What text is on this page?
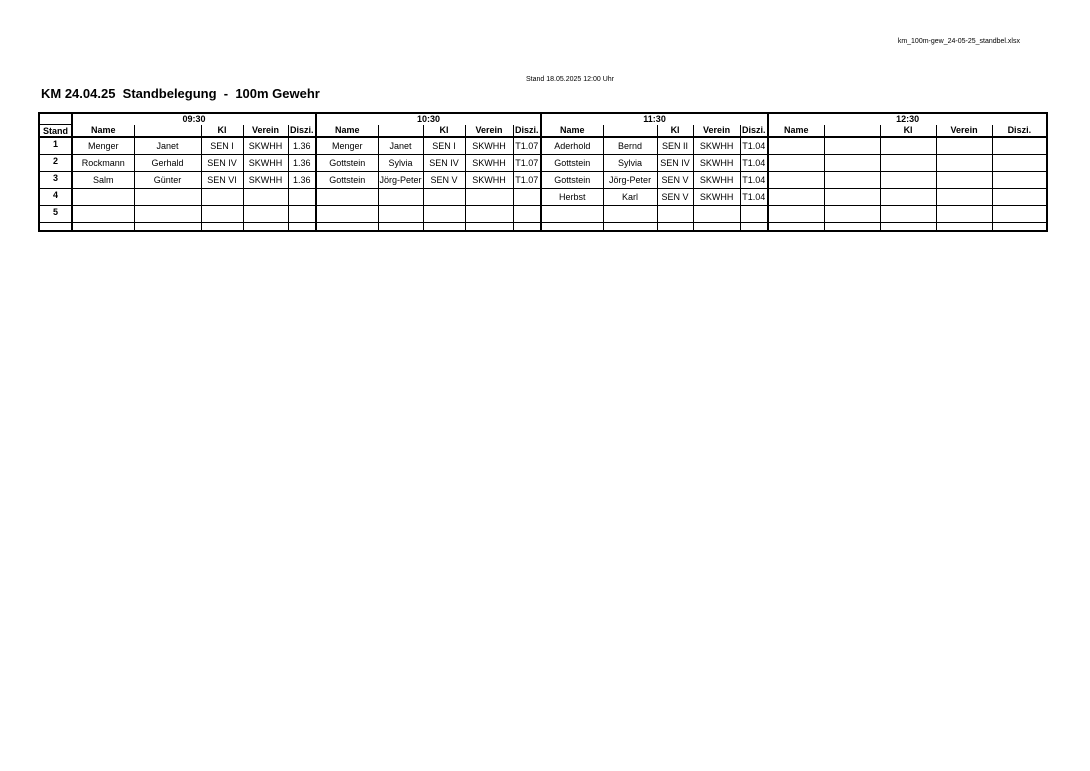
km_100m-gew_24-05-25_standbel.xlsx
Stand 18.05.2025 12:00 Uhr
KM 24.04.25  Standbelegung  -  100m Gewehr
	09:30					10:30					11:30					12:30				
Stand	Name		Kl	Verein	Diszi.	Name		Kl	Verein	Diszi.	Name		Kl	Verein	Diszi.	Name		Kl	Verein	Diszi.
1	Menger	Janet	SEN I	SKWHH	1.36	Menger	Janet	SEN I	SKWHH	T1.07	Aderhold	Bernd	SEN II	SKWHH	T1.04					
2	Rockmann	Gerhald	SEN IV	SKWHH	1.36	Gottstein	Sylvia	SEN IV	SKWHH	T1.07	Gottstein	Sylvia	SEN IV	SKWHH	T1.04					
3	Salm	Günter	SEN VI	SKWHH	1.36	Gottstein	Jörg-Peter	SEN V	SKWHH	T1.07	Gottstein	Jörg-Peter	SEN V	SKWHH	T1.04					
4											Herbst	Karl	SEN V	SKWHH	T1.04					
5																				
